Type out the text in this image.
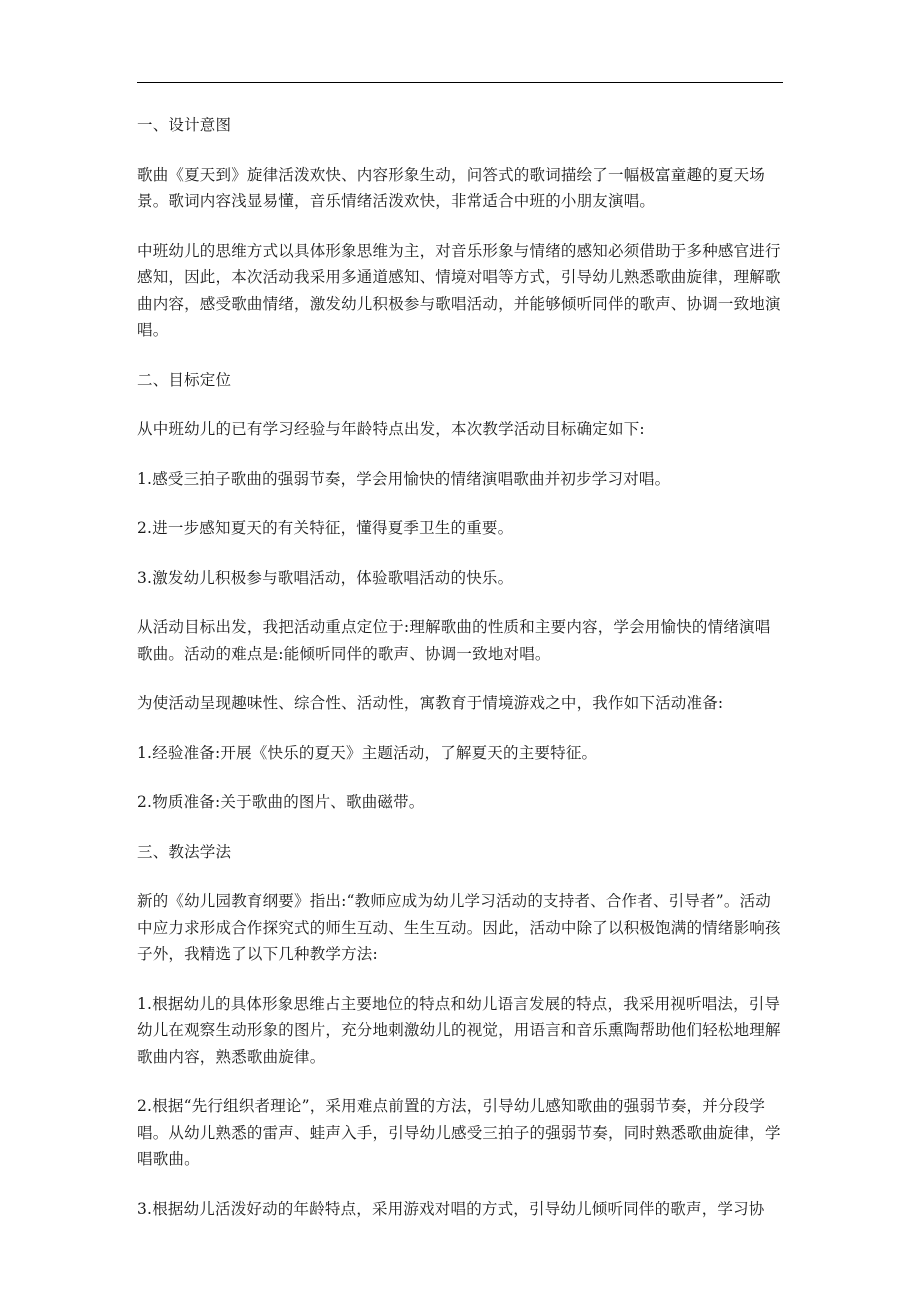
一、设计意图

歌曲《夏天到》旋律活泼欢快、内容形象生动，问答式的歌词描绘了一幅极富童趣的夏天场景。歌词内容浅显易懂，音乐情绪活泼欢快，非常适合中班的小朋友演唱。

中班幼儿的思维方式以具体形象思维为主，对音乐形象与情绪的感知必须借助于多种感官进行感知，因此，本次活动我采用多通道感知、情境对唱等方式，引导幼儿熟悉歌曲旋律，理解歌曲内容，感受歌曲情绪，激发幼儿积极参与歌唱活动，并能够倾听同伴的歌声、协调一致地演唱。

二、目标定位

从中班幼儿的已有学习经验与年龄特点出发，本次教学活动目标确定如下:

1.感受三拍子歌曲的强弱节奏，学会用愉快的情绪演唱歌曲并初步学习对唱。

2.进一步感知夏天的有关特征，懂得夏季卫生的重要。

3.激发幼儿积极参与歌唱活动，体验歌唱活动的快乐。

从活动目标出发，我把活动重点定位于:理解歌曲的性质和主要内容，学会用愉快的情绪演唱歌曲。活动的难点是:能倾听同伴的歌声、协调一致地对唱。

为使活动呈现趣味性、综合性、活动性，寓教育于情境游戏之中，我作如下活动准备:

1.经验准备:开展《快乐的夏天》主题活动，了解夏天的主要特征。

2.物质准备:关于歌曲的图片、歌曲磁带。

三、教法学法

新的《幼儿园教育纲要》指出:“教师应成为幼儿学习活动的支持者、合作者、引导者”。活动中应力求形成合作探究式的师生互动、生生互动。因此，活动中除了以积极饱满的情绪影响孩子外，我精选了以下几种教学方法:

1.根据幼儿的具体形象思维占主要地位的特点和幼儿语言发展的特点，我采用视听唱法，引导幼儿在观察生动形象的图片，充分地刺激幼儿的视觉，用语言和音乐熏陶帮助他们轻松地理解歌曲内容，熟悉歌曲旋律。

2.根据“先行组织者理论”，采用难点前置的方法，引导幼儿感知歌曲的强弱节奏，并分段学唱。从幼儿熟悉的雷声、蛙声入手，引导幼儿感受三拍子的强弱节奏，同时熟悉歌曲旋律，学唱歌曲。

3.根据幼儿活泼好动的年龄特点，采用游戏对唱的方式，引导幼儿倾听同伴的歌声，学习协
